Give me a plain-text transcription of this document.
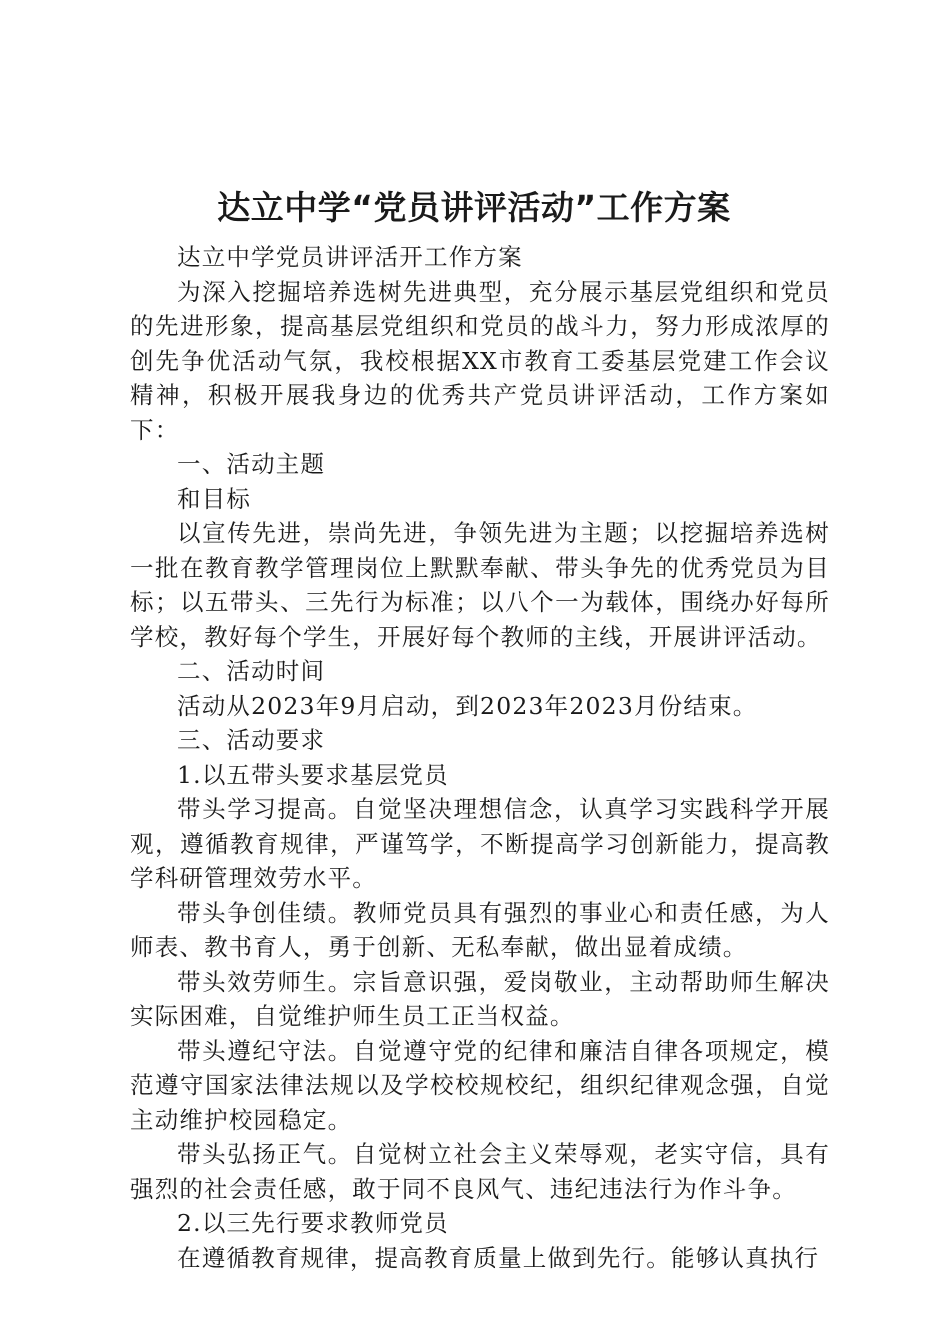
达立中学“党员讲评活动”工作方案

达立中学党员讲评活开工作方案

为深入挖掘培养选树先进典型，充分展示基层党组织和党员的先进形象，提高基层党组织和党员的战斗力，努力形成浓厚的创先争优活动气氛，我校根据XX市教育工委基层党建工作会议精神，积极开展我身边的优秀共产党员讲评活动，工作方案如下：

一、活动主题

和目标

以宣传先进，崇尚先进，争领先进为主题；以挖掘培养选树一批在教育教学管理岗位上默默奉献、带头争先的优秀党员为目标；以五带头、三先行为标准；以八个一为载体，围绕办好每所学校，教好每个学生，开展好每个教师的主线，开展讲评活动。

二、活动时间

活动从2023年9月启动，到2023年2023月份结束。

三、活动要求

1.以五带头要求基层党员

带头学习提高。自觉坚决理想信念，认真学习实践科学开展观，遵循教育规律，严谨笃学，不断提高学习创新能力，提高教学科研管理效劳水平。

带头争创佳绩。教师党员具有强烈的事业心和责任感，为人师表、教书育人，勇于创新、无私奉献，做出显着成绩。

带头效劳师生。宗旨意识强，爱岗敬业，主动帮助师生解决实际困难，自觉维护师生员工正当权益。

带头遵纪守法。自觉遵守党的纪律和廉洁自律各项规定，模范遵守国家法律法规以及学校校规校纪，组织纪律观念强，自觉主动维护校园稳定。

带头弘扬正气。自觉树立社会主义荣辱观，老实守信，具有强烈的社会责任感，敢于同不良风气、违纪违法行为作斗争。

2.以三先行要求教师党员

在遵循教育规律，提高教育质量上做到先行。能够认真执行
